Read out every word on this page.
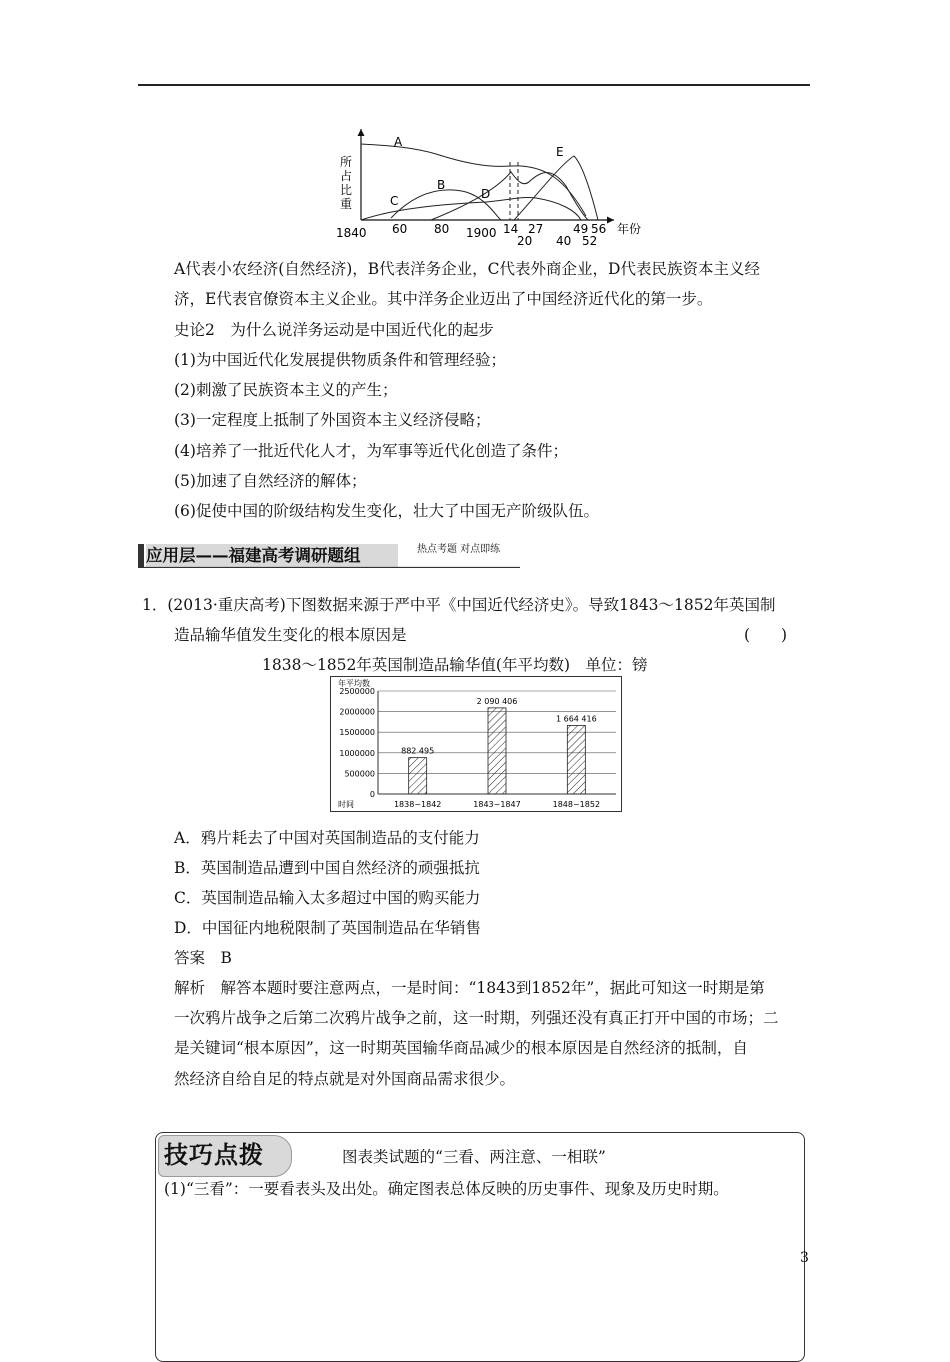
所
占
比
重
A
B
C	D
E
1840 60 80 1900 14 27 49 56
20 40 52
年份
A代表小农经济(自然经济)，B代表洋务企业，C代表外商企业，D代表民族资本主义经
济，E代表官僚资本主义企业。其中洋务企业迈出了中国经济近代化的第一步。
史论2　为什么说洋务运动是中国近代化的起步
(1)为中国近代化发展提供物质条件和管理经验；
(2)刺激了民族资本主义的产生；
(3)一定程度上抵制了外国资本主义经济侵略；
(4)培养了一批近代化人才，为军事等近代化创造了条件；
(5)加速了自然经济的解体；
(6)促使中国的阶级结构发生变化，壮大了中国无产阶级队伍。
应用层——福建高考调研题组	热点考题 对点即练
1．(2013·重庆高考)下图数据来源于严中平《中国近代经济史》。导致1843～1852年英国制
造品输华值发生变化的根本原因是	(　　)
1838～1852年英国制造品输华值(年平均数)　单位：镑
年平均数
时间
0
500000
1000000
1500000
2000000
2500000
882 495
1838~1842
2 090 406
1843~1847
1 664 416
1848~1852
A．鸦片耗去了中国对英国制造品的支付能力
B．英国制造品遭到中国自然经济的顽强抵抗
C．英国制造品输入太多超过中国的购买能力
D．中国征内地税限制了英国制造品在华销售
答案　B
解析　解答本题时要注意两点，一是时间：“1843到1852年”，据此可知这一时期是第
一次鸦片战争之后第二次鸦片战争之前，这一时期，列强还没有真正打开中国的市场；二
是关键词“根本原因”，这一时期英国输华商品减少的根本原因是自然经济的抵制，自
然经济自给自足的特点就是对外国商品需求很少。
技巧点拨	图表类试题的“三看、两注意、一相联”
(1)“三看”：一要看表头及出处。确定图表总体反映的历史事件、现象及历史时期。
3
